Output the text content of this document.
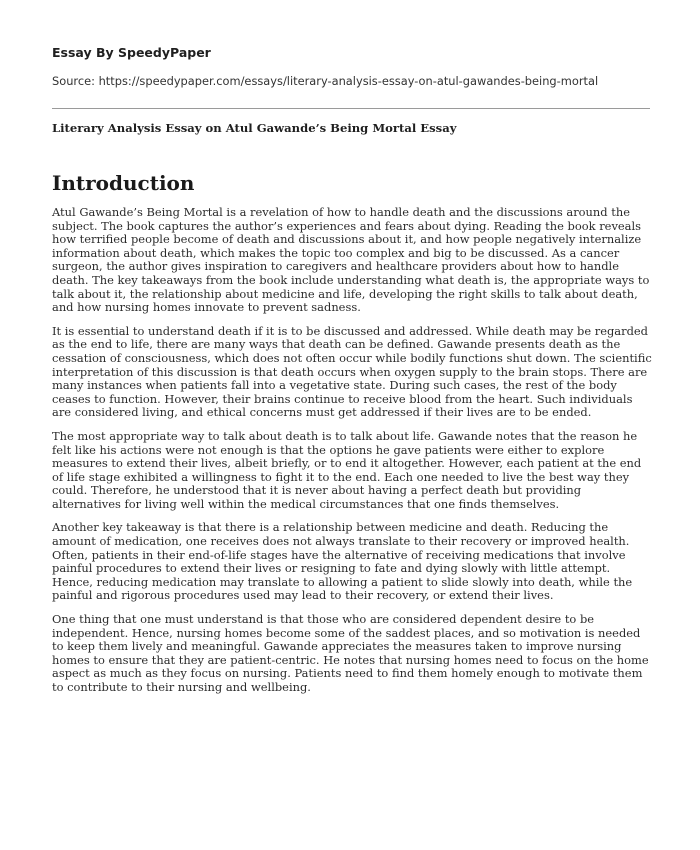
Essay By SpeedyPaper
Source: https://speedypaper.com/essays/literary-analysis-essay-on-atul-gawandes-being-mortal
Literary Analysis Essay on Atul Gawande’s Being Mortal Essay
Introduction

Atul Gawande’s Being Mortal is a revelation of how to handle death and the discussions around the subject. The book captures the author’s experiences and fears about dying. Reading the book reveals how terrified people become of death and discussions about it, and how people negatively internalize information about death, which makes the topic too complex and big to be discussed. As a cancer surgeon, the author gives inspiration to caregivers and healthcare providers about how to handle death. The key takeaways from the book include understanding what death is, the appropriate ways to talk about it, the relationship about medicine and life, developing the right skills to talk about death, and how nursing homes innovate to prevent sadness.

It is essential to understand death if it is to be discussed and addressed. While death may be regarded as the end to life, there are many ways that death can be defined. Gawande presents death as the cessation of consciousness, which does not often occur while bodily functions shut down. The scientific interpretation of this discussion is that death occurs when oxygen supply to the brain stops. There are many instances when patients fall into a vegetative state. During such cases, the rest of the body ceases to function. However, their brains continue to receive blood from the heart. Such individuals are considered living, and ethical concerns must get addressed if their lives are to be ended.

The most appropriate way to talk about death is to talk about life. Gawande notes that the reason he felt like his actions were not enough is that the options he gave patients were either to explore measures to extend their lives, albeit briefly, or to end it altogether. However, each patient at the end of life stage exhibited a willingness to fight it to the end. Each one needed to live the best way they could. Therefore, he understood that it is never about having a perfect death but providing alternatives for living well within the medical circumstances that one finds themselves.

Another key takeaway is that there is a relationship between medicine and death. Reducing the amount of medication, one receives does not always translate to their recovery or improved health. Often, patients in their end-of-life stages have the alternative of receiving medications that involve painful procedures to extend their lives or resigning to fate and dying slowly with little attempt. Hence, reducing medication may translate to allowing a patient to slide slowly into death, while the painful and rigorous procedures used may lead to their recovery, or extend their lives.

One thing that one must understand is that those who are considered dependent desire to be independent. Hence, nursing homes become some of the saddest places, and so motivation is needed to keep them lively and meaningful. Gawande appreciates the measures taken to improve nursing homes to ensure that they are patient-centric. He notes that nursing homes need to focus on the home aspect as much as they focus on nursing. Patients need to find them homely enough to motivate them to contribute to their nursing and wellbeing.
